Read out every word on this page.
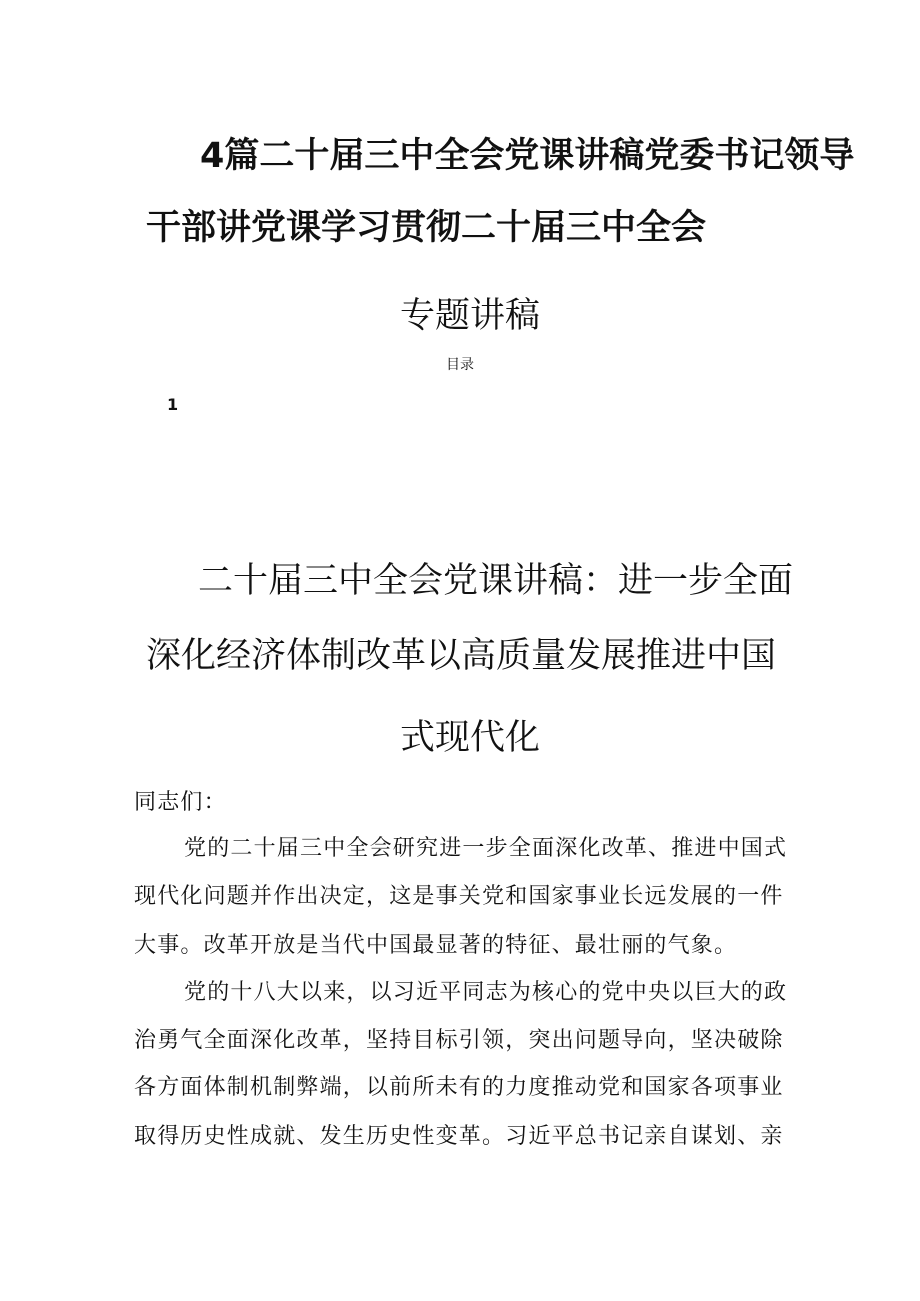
4篇二十届三中全会党课讲稿党委书记领导
干部讲党课学习贯彻二十届三中全会
专题讲稿
目录
1
二十届三中全会党课讲稿：进一步全面
深化经济体制改革以高质量发展推进中国
式现代化
同志们：
党的二十届三中全会研究进一步全面深化改革、推进中国式
现代化问题并作出决定，这是事关党和国家事业长远发展的一件
大事。改革开放是当代中国最显著的特征、最壮丽的气象。
党的十八大以来，以习近平同志为核心的党中央以巨大的政
治勇气全面深化改革，坚持目标引领，突出问题导向，坚决破除
各方面体制机制弊端，以前所未有的力度推动党和国家各项事业
取得历史性成就、发生历史性变革。习近平总书记亲自谋划、亲
